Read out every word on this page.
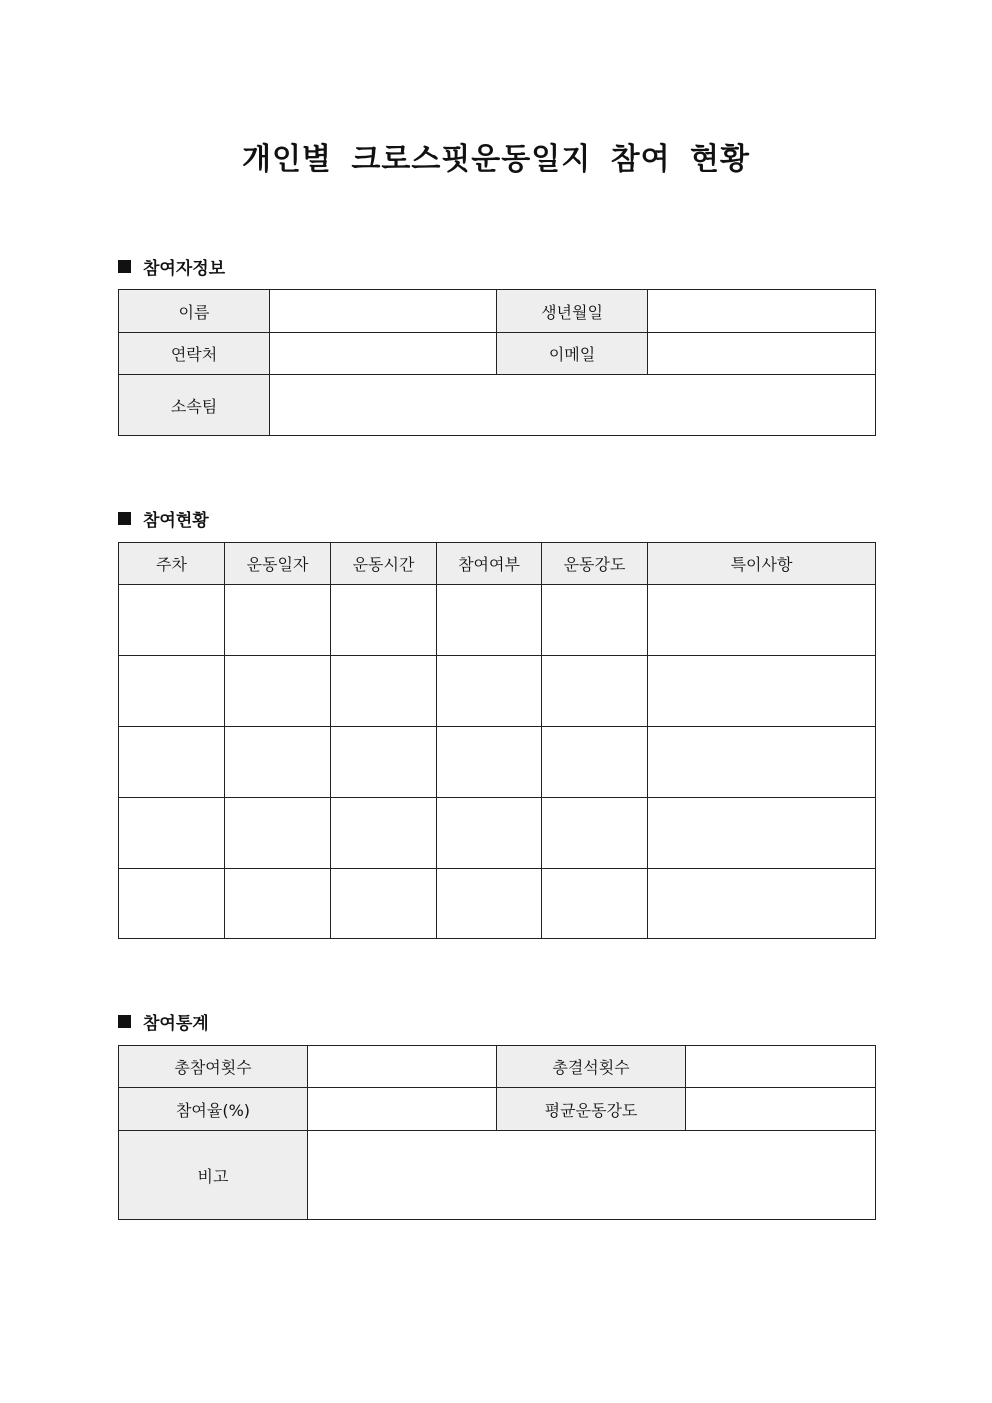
개인별 크로스핏운동일지 참여 현황
참여자정보
이름		생년월일	
연락처		이메일	
소속팀			
참여현황
주차	운동일자	운동시간	참여여부	운동강도	특이사항

참여통계
총참여횟수		총결석횟수	
참여율(%)		평균운동강도	
비고			
